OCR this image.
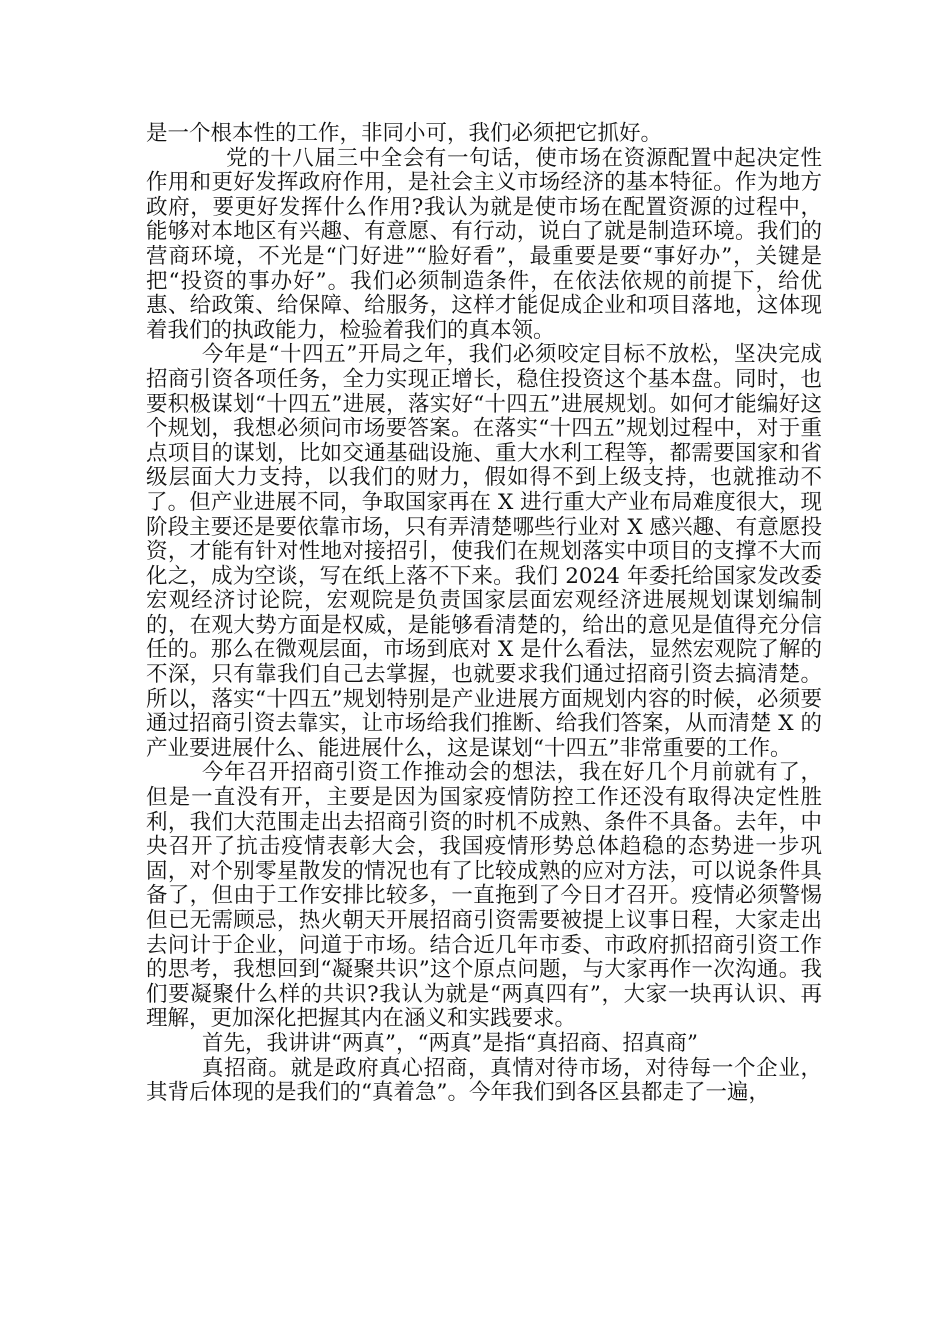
是一个根本性的工作，非同小可，我们必须把它抓好。

党的十八届三中全会有一句话，使市场在资源配置中起决定性作用和更好发挥政府作用，是社会主义市场经济的基本特征。作为地方政府，要更好发挥什么作用?我认为就是使市场在配置资源的过程中，能够对本地区有兴趣、有意愿、有行动，说白了就是制造环境。我们的营商环境，不光是“门好进”“脸好看”，最重要是要“事好办”，关键是把“投资的事办好”。我们必须制造条件，在依法依规的前提下，给优惠、给政策、给保障、给服务，这样才能促成企业和项目落地，这体现着我们的执政能力，检验着我们的真本领。

今年是“十四五”开局之年，我们必须咬定目标不放松，坚决完成招商引资各项任务，全力实现正增长，稳住投资这个基本盘。同时，也要积极谋划“十四五”进展，落实好“十四五”进展规划。如何才能编好这个规划，我想必须问市场要答案。在落实“十四五”规划过程中，对于重点项目的谋划，比如交通基础设施、重大水利工程等，都需要国家和省级层面大力支持，以我们的财力，假如得不到上级支持，也就推动不了。但产业进展不同，争取国家再在 X 进行重大产业布局难度很大，现阶段主要还是要依靠市场，只有弄清楚哪些行业对 X 感兴趣、有意愿投资，才能有针对性地对接招引，使我们在规划落实中项目的支撑不大而化之，成为空谈，写在纸上落不下来。我们 2024 年委托给国家发改委宏观经济讨论院，宏观院是负责国家层面宏观经济进展规划谋划编制的，在观大势方面是权威，是能够看清楚的，给出的意见是值得充分信任的。那么在微观层面，市场到底对 X 是什么看法，显然宏观院了解的不深，只有靠我们自己去掌握，也就要求我们通过招商引资去搞清楚。所以，落实“十四五”规划特别是产业进展方面规划内容的时候，必须要通过招商引资去靠实，让市场给我们推断、给我们答案，从而清楚 X 的产业要进展什么、能进展什么，这是谋划“十四五”非常重要的工作。

今年召开招商引资工作推动会的想法，我在好几个月前就有了，但是一直没有开，主要是因为国家疫情防控工作还没有取得决定性胜利，我们大范围走出去招商引资的时机不成熟、条件不具备。去年，中央召开了抗击疫情表彰大会，我国疫情形势总体趋稳的态势进一步巩固，对个别零星散发的情况也有了比较成熟的应对方法，可以说条件具备了，但由于工作安排比较多，一直拖到了今日才召开。疫情必须警惕但已无需顾忌，热火朝天开展招商引资需要被提上议事日程，大家走出去问计于企业，问道于市场。结合近几年市委、市政府抓招商引资工作的思考，我想回到“凝聚共识”这个原点问题，与大家再作一次沟通。我们要凝聚什么样的共识?我认为就是“两真四有”，大家一块再认识、再理解，更加深化把握其内在涵义和实践要求。

首先，我讲讲“两真”，“两真”是指“真招商、招真商”

真招商。就是政府真心招商，真情对待市场，对待每一个企业，其背后体现的是我们的“真着急”。今年我们到各区县都走了一遍，
